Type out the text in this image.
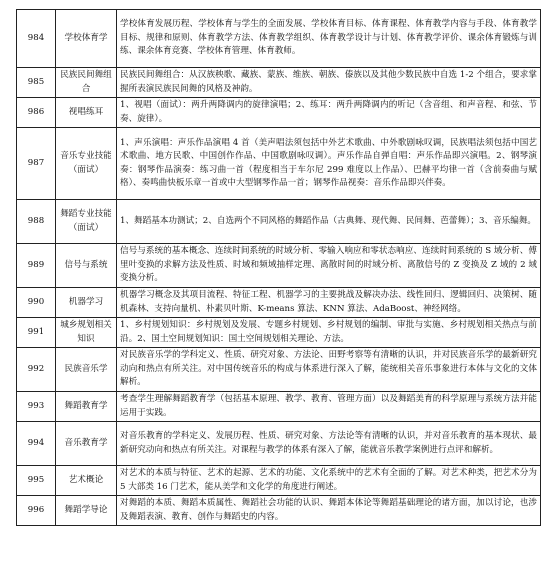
984	学校体育学	学校体育发展历程、学校体育与学生的全面发展、学校体育目标、体育课程、体育教学内容与手段、体育教学目标、规律和原则、体育教学方法、体育教学组织、体育教学设计与计划、体育教学评价、课余体育锻炼与训练、课余体育竞赛、学校体育管理、体育教师。
985	民族民间舞组合	民族民间舞组合：从汉族秧歌、藏族、蒙族、维族、朝族、傣族以及其他少数民族中自选 1-2 个组合，要求掌握所表演民族民间舞的风格及神韵。
986	视唱练耳	1、视唱（面试）：两升两降调内的旋律演唱；2、练耳：两升两降调内的听记（含音组、和声音程、和弦、节奏、旋律）。
987	音乐专业技能（面试）	1、声乐演唱：声乐作品演唱 4 首（美声唱法须包括中外艺术歌曲、中外歌剧咏叹调，民族唱法须包括中国艺术歌曲、地方民歌、中国创作作品、中国歌剧咏叹调）。声乐作品自弹自唱：声乐作品即兴演唱。2、钢琴演奏：钢琴作品演奏：练习曲一首（程度相当于车尔尼 299 难度以上作品）、巴赫平均律一首（含前奏曲与赋格）、奏鸣曲快板乐章一首或中大型钢琴作品一首；钢琴作品视奏：音乐作品即兴伴奏。
988	舞蹈专业技能（面试）	1、舞蹈基本功测试；2、自选两个不同风格的舞蹈作品（古典舞、现代舞、民间舞、芭蕾舞）；3、音乐编舞。
989	信号与系统	信号与系统的基本概念、连续时间系统的时域分析、零输入响应和零状态响应、连续时间系统的 S 域分析、傅里叶变换的求解方法及性质、时域和频域抽样定理、离散时间的时域分析、离散信号的 Z 变换及 Z 域的 2 域变换分析。
990	机器学习	机器学习概念及其项目流程、特征工程、机器学习的主要挑战及解决办法、线性回归、逻辑回归、决策树、随机森林、支持向量机、朴素贝叶斯、K-means 算法、KNN 算法、AdaBoost、神经网络。
991	城乡规划相关知识	1、乡村规划知识：乡村规划及发展、专题乡村规划、乡村规划的编制、审批与实施、乡村规划相关热点与前沿。2、国土空间规划知识：国土空间规划相关理论、方法。
992	民族音乐学	对民族音乐学的学科定义、性质、研究对象、方法论、田野考察等有清晰的认识，并对民族音乐学的最新研究动向和热点有所关注。对中国传统音乐的构成与体系进行深入了解，能统相关音乐事象进行本体与文化的文体解析。
993	舞蹈教育学	考查学生理解舞蹈教育学（包括基本原理、教学、教育、管理方面）以及舞蹈美育的科学原理与系统方法并能运用于实践。
994	音乐教育学	对音乐教育的学科定义、发展历程、性质、研究对象、方法论等有清晰的认识，并对音乐教育的基本现状、最新研究动向和热点有所关注。对课程与教学的体系有深入了解，能就音乐教学案例进行点评和解析。
995	艺术概论	对艺术的本质与特征、艺术的起源、艺术的功能、文化系统中的艺术有全面的了解。对艺术种类，把艺术分为 5 大部类 16 门艺术，能从美学和文化学的角度进行阐述。
996	舞蹈学导论	对舞蹈的本质、舞蹈本质属性、舞蹈社会功能的认识、舞蹈本体论等舞蹈基础理论的诸方面，加以讨论，也涉及舞蹈表演、教育、创作与舞蹈史的内容。
